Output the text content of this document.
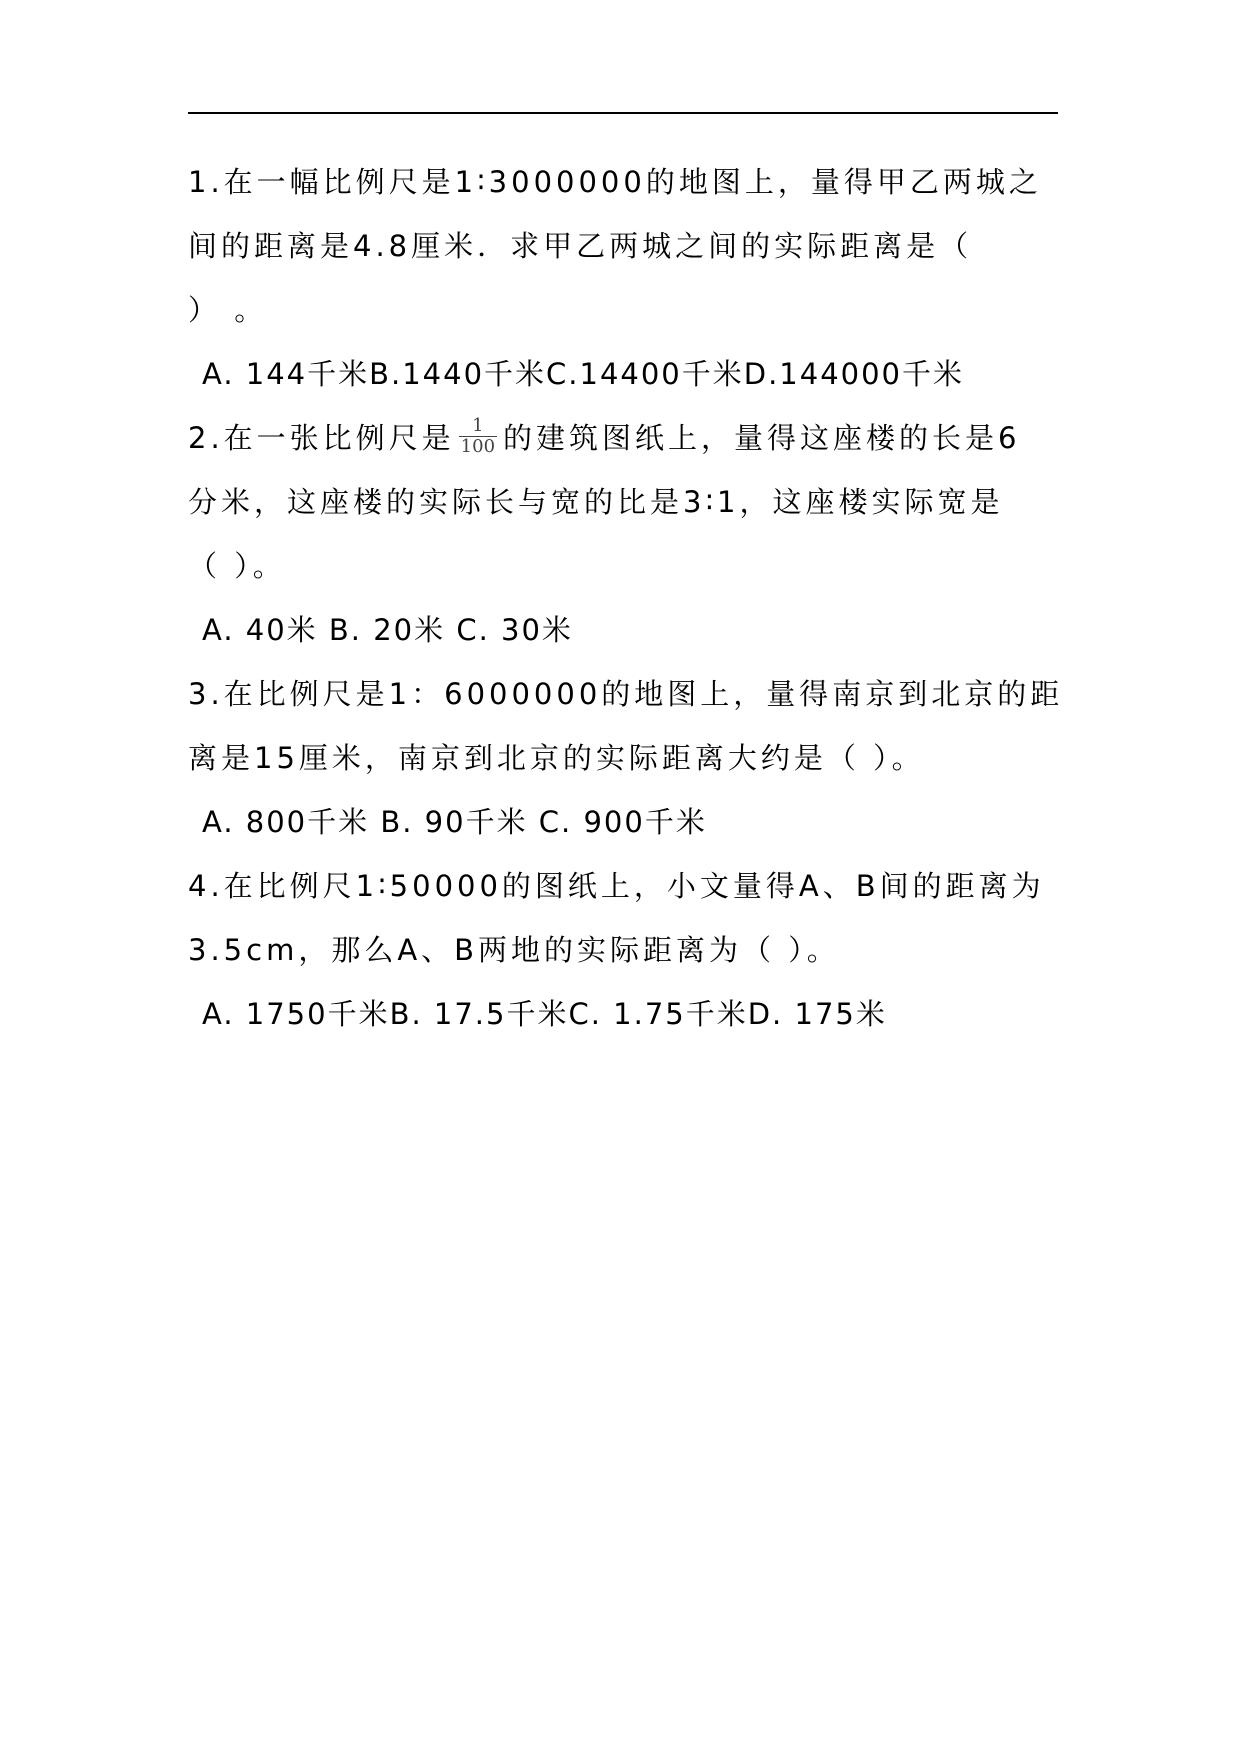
1.在一幅比例尺是1∶3000000的地图上，量得甲乙两城之
间的距离是4.8厘米．求甲乙两城之间的实际距离是（
） 。
A. 144千米B.1440千米C.14400千米D.144000千米
2.在一张比例尺是 $\frac{1}{100}$ 的建筑图纸上，量得这座楼的长是6
分米，这座楼的实际长与宽的比是3∶1，这座楼实际宽是
（ ）。
A. 40米 B. 20米 C. 30米
3.在比例尺是1：6000000的地图上，量得南京到北京的距
离是15厘米，南京到北京的实际距离大约是（ ）。
A. 800千米 B. 90千米 C. 900千米
4.在比例尺1∶50000的图纸上，小文量得A、B间的距离为
3.5cm，那么A、B两地的实际距离为（ ）。
A. 1750千米B. 17.5千米C. 1.75千米D. 175米
